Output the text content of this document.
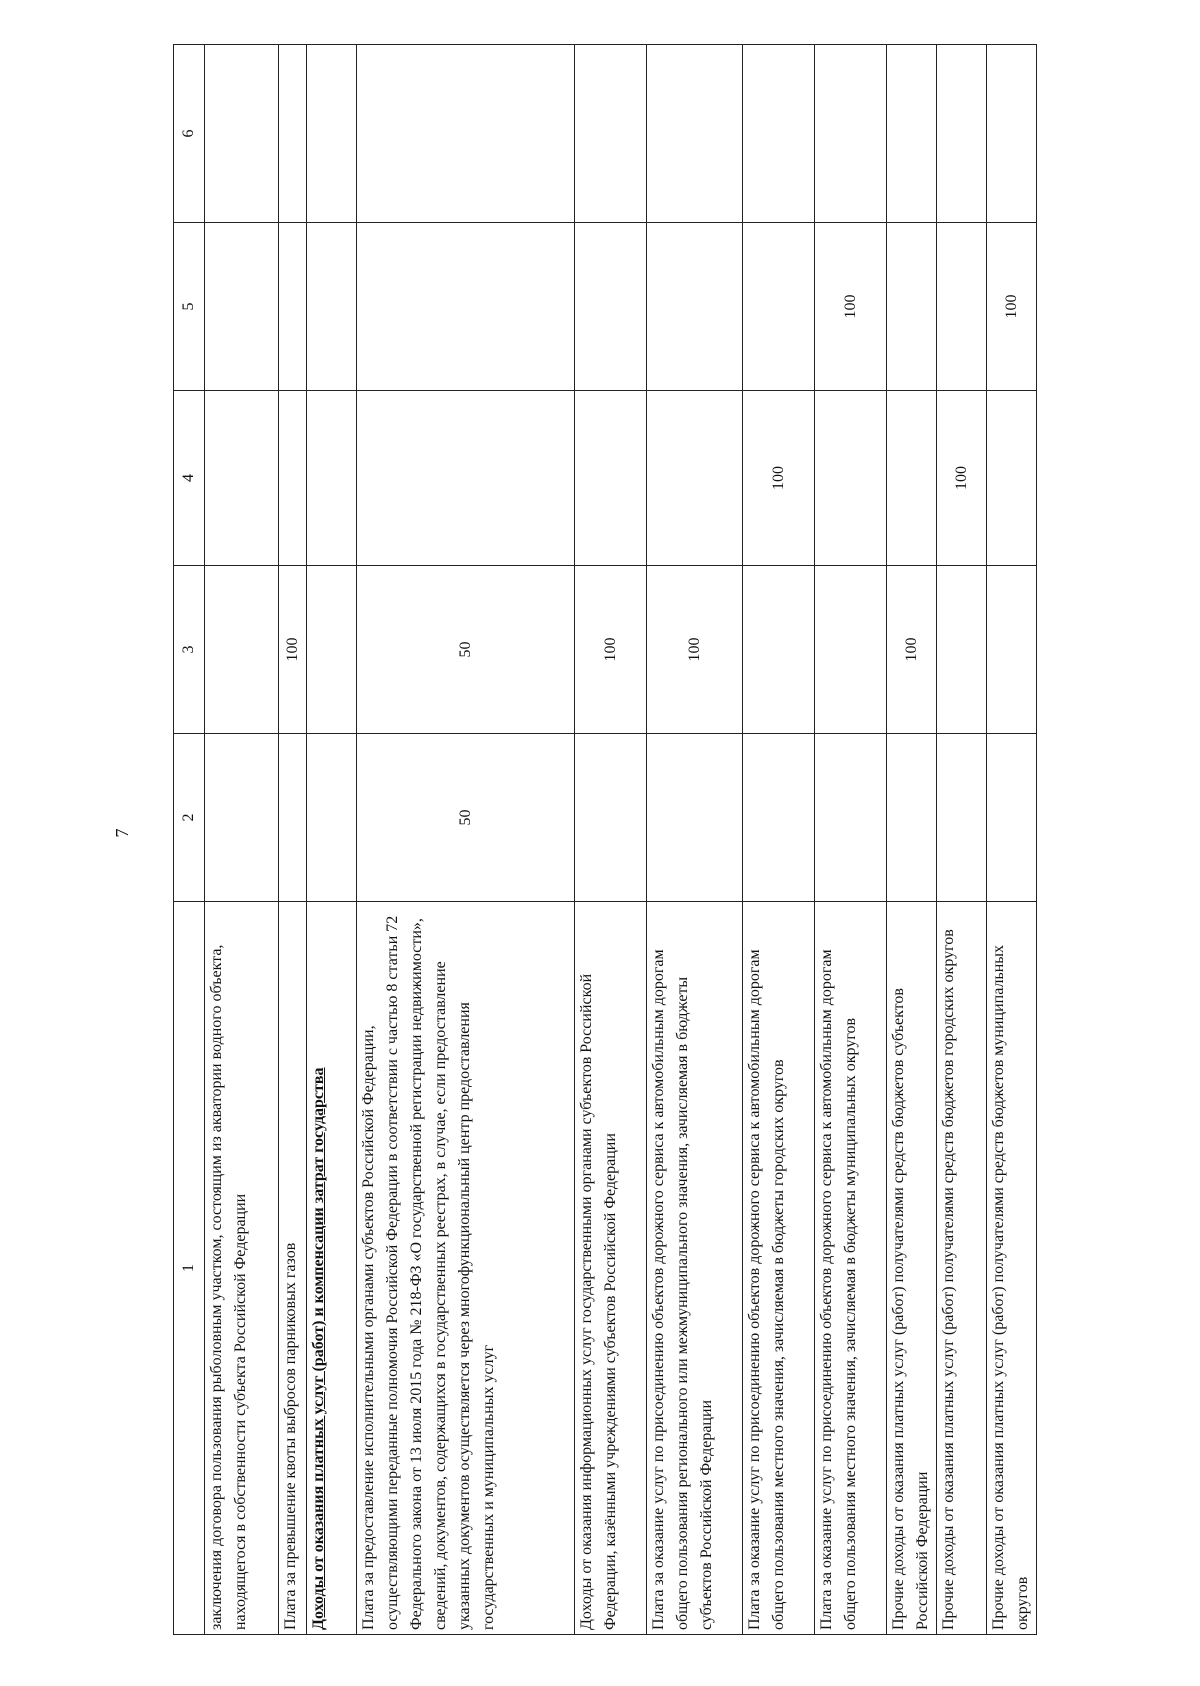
7
1	2	3	4	5	6
заключения договора пользования рыболовным участком, состоящим из акватории водного объекта, находящегося в собственности субъекта Российской Федерации					
Плата за превышение квоты выбросов парниковых газов		100			
Доходы от оказания платных услуг (работ) и компенсации затрат государства					
Плата за предоставление исполнительными органами субъектов Российской Федерации, осуществляющими переданные полномочия Российской Федерации в соответствии с частью 8 статьи 72 Федерального закона от 13 июля 2015 года № 218-ФЗ «О государственной регистрации недвижимости», сведений, документов, содержащихся в государственных реестрах, в случае, если предоставление указанных документов осуществляется через многофункциональный центр предоставления государственных и муниципальных услуг	50	50			
Доходы от оказания информационных услуг государственными органами субъектов Российской Федерации, казёнными учреждениями субъектов Российской Федерации		100			
Плата за оказание услуг по присоединению объектов дорожного сервиса к автомобильным дорогам общего пользования регионального или межмуниципального значения, зачисляемая в бюджеты субъектов Российской Федерации		100			
Плата за оказание услуг по присоединению объектов дорожного сервиса к автомобильным дорогам общего пользования местного значения, зачисляемая в бюджеты городских округов			100		
Плата за оказание услуг по присоединению объектов дорожного сервиса к автомобильным дорогам общего пользования местного значения, зачисляемая в бюджеты муниципальных округов				100	
Прочие доходы от оказания платных услуг (работ) получателями средств бюджетов субъектов Российской Федерации		100			
Прочие доходы от оказания платных услуг (работ) получателями средств бюджетов городских округов			100		
Прочие доходы от оказания платных услуг (работ) получателями средств бюджетов муниципальных округов				100	
